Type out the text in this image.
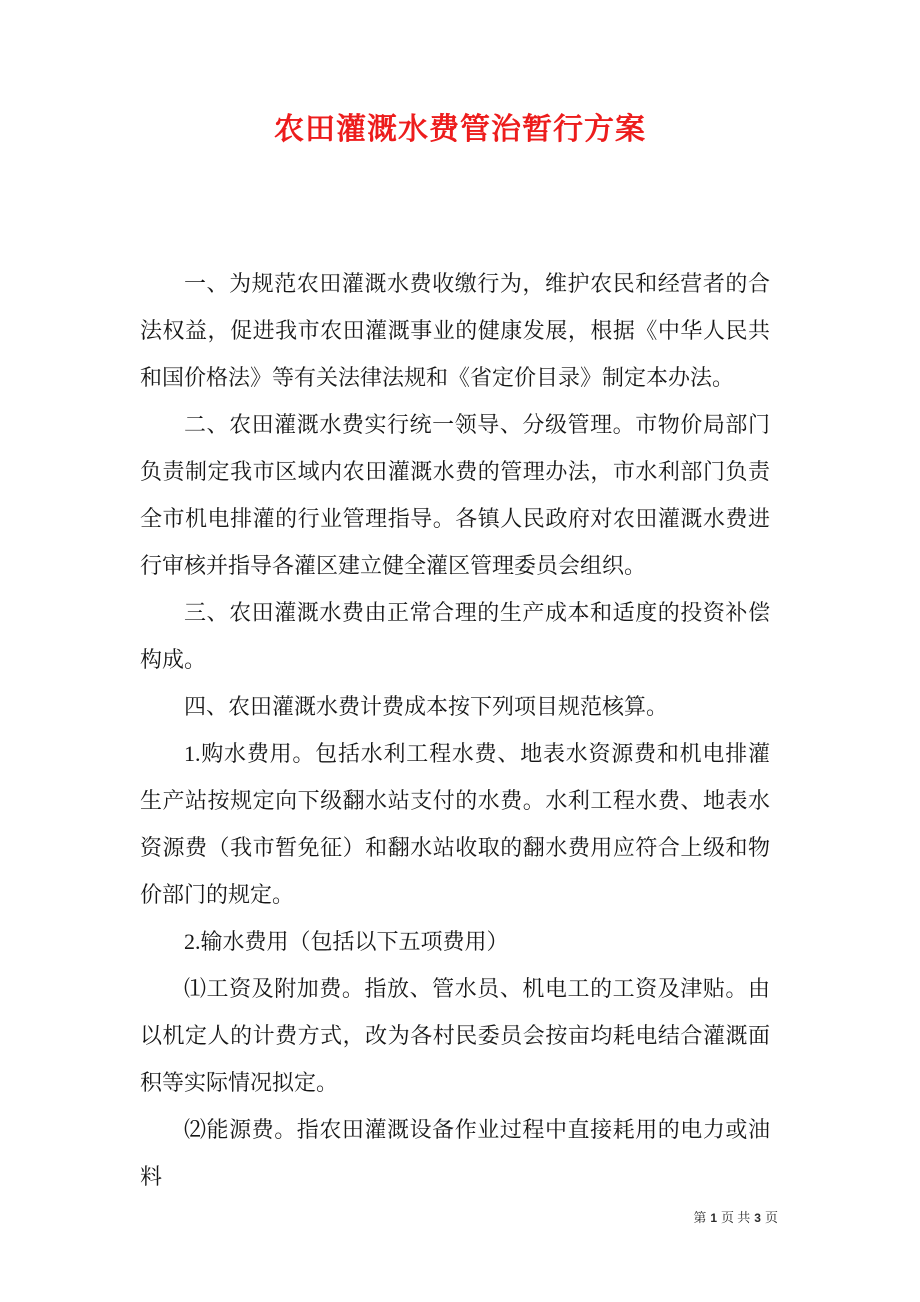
农田灌溉水费管治暂行方案

一、为规范农田灌溉水费收缴行为，维护农民和经营者的合法权益，促进我市农田灌溉事业的健康发展，根据《中华人民共和国价格法》等有关法律法规和《省定价目录》制定本办法。

二、农田灌溉水费实行统一领导、分级管理。市物价局部门负责制定我市区域内农田灌溉水费的管理办法，市水利部门负责全市机电排灌的行业管理指导。各镇人民政府对农田灌溉水费进行审核并指导各灌区建立健全灌区管理委员会组织。

三、农田灌溉水费由正常合理的生产成本和适度的投资补偿构成。

四、农田灌溉水费计费成本按下列项目规范核算。

1.购水费用。包括水利工程水费、地表水资源费和机电排灌生产站按规定向下级翻水站支付的水费。水利工程水费、地表水资源费（我市暂免征）和翻水站收取的翻水费用应符合上级和物价部门的规定。

2.输水费用（包括以下五项费用）

⑴工资及附加费。指放、管水员、机电工的工资及津贴。由以机定人的计费方式，改为各村民委员会按亩均耗电结合灌溉面积等实际情况拟定。

⑵能源费。指农田灌溉设备作业过程中直接耗用的电力或油料

第 1 页 共 3 页
